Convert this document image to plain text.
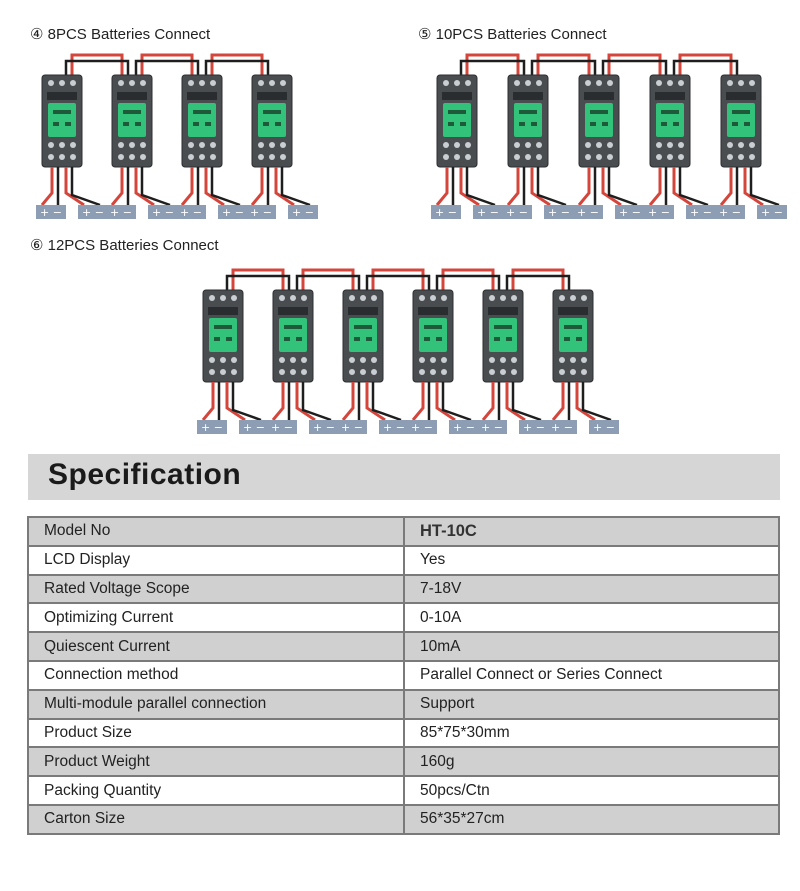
④ 8PCS Batteries Connect	⑤ 10PCS Batteries Connect
⑥ 12PCS Batteries Connect
+ − + − + − + − + − + − + − + −	+ − + − + − + − + − + − + − + − + − + −
+ − + − + − + − + − + − + − + − + − + − + − + −
Specification
Model No	HT-10C
LCD Display	Yes
Rated Voltage Scope	7-18V
Optimizing Current	0-10A
Quiescent Current	10mA
Connection method	Parallel Connect or Series Connect
Multi-module parallel connection	Support
Product Size	85*75*30mm
Product Weight	160g
Packing Quantity	50pcs/Ctn
Carton Size	56*35*27cm
